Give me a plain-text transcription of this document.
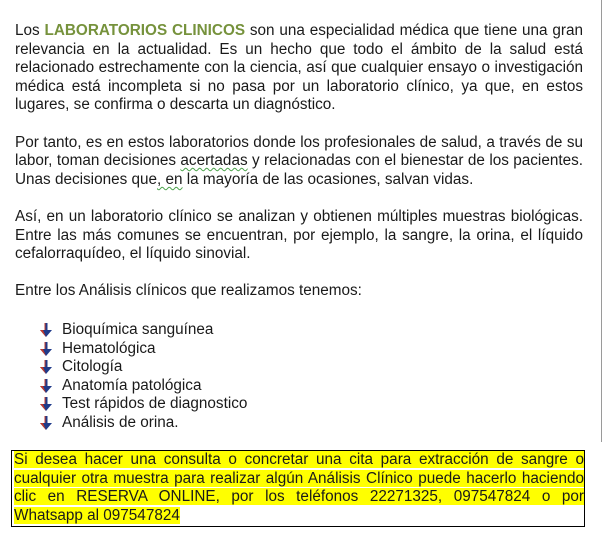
Los LABORATORIOS CLINICOS son una especialidad médica que tiene una gran relevancia en la actualidad. Es un hecho que todo el ámbito de la salud está relacionado estrechamente con la ciencia, así que cualquier ensayo o investigación médica está incompleta si no pasa por un laboratorio clínico, ya que, en estos lugares, se confirma o descarta un diagnóstico.

Por tanto, es en estos laboratorios donde los profesionales de salud, a través de su labor, toman decisiones acertadas y relacionadas con el bienestar de los pacientes. Unas decisiones que, en la mayoría de las ocasiones, salvan vidas.

Así, en un laboratorio clínico se analizan y obtienen múltiples muestras biológicas. Entre las más comunes se encuentran, por ejemplo, la sangre, la orina, el líquido cefalorraquídeo, el líquido sinovial.

Entre los Análisis clínicos que realizamos tenemos:

Bioquímica sanguínea
Hematológica
Citología
Anatomía patológica
Test rápidos de diagnostico
Análisis de orina.
Si desea hacer una consulta o concretar una cita para extracción de sangre o cualquier otra muestra para realizar algún Análisis Clínico puede hacerlo haciendo clic en RESERVA ONLINE, por los teléfonos 22271325, 097547824 o por Whatsapp al 097547824
